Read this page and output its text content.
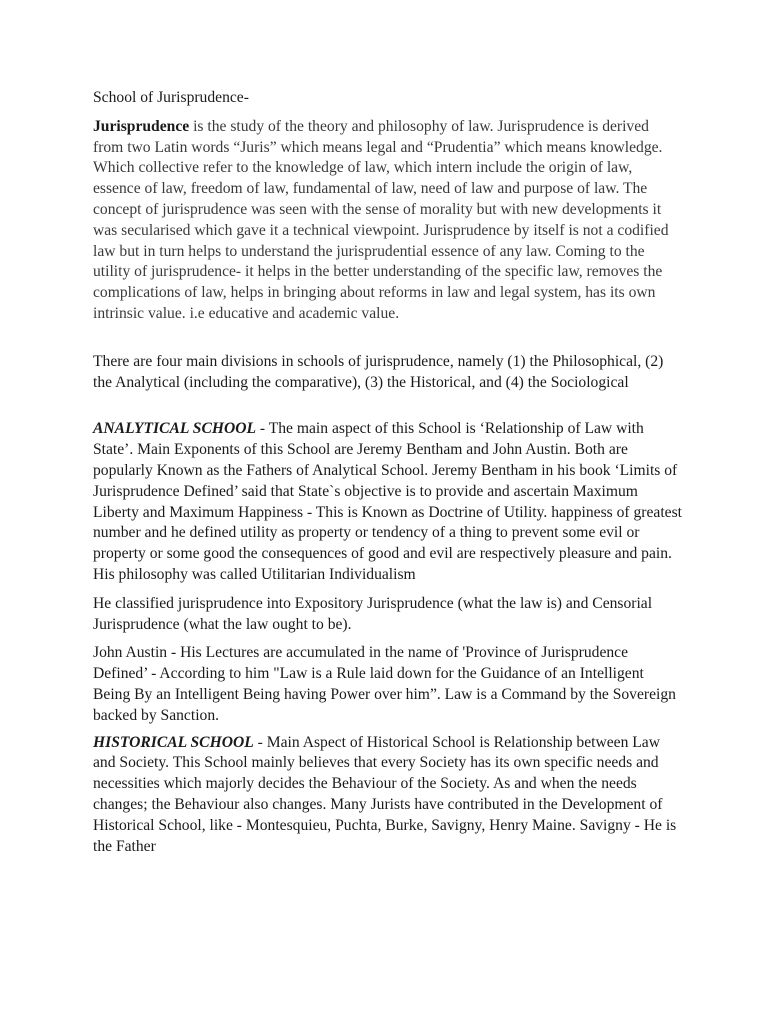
School of Jurisprudence-

Jurisprudence is the study of the theory and philosophy of law. Jurisprudence is derived from two Latin words “Juris” which means legal and “Prudentia” which means knowledge. Which collective refer to the knowledge of law, which intern include the origin of law, essence of law, freedom of law, fundamental of law, need of law and purpose of law. The concept of jurisprudence was seen with the sense of morality but with new developments it was secularised which gave it a technical viewpoint. Jurisprudence by itself is not a codified law but in turn helps to understand the jurisprudential essence of any law. Coming to the utility of jurisprudence- it helps in the better understanding of the specific law, removes the complications of law, helps in bringing about reforms in law and legal system, has its own intrinsic value. i.e educative and academic value.

There are four main divisions in schools of jurisprudence, namely (1) the Philosophical, (2) the Analytical (including the comparative), (3) the Historical, and (4) the Sociological

ANALYTICAL SCHOOL - The main aspect of this School is ‘Relationship of Law with State’. Main Exponents of this School are Jeremy Bentham and John Austin. Both are popularly Known as the Fathers of Analytical School. Jeremy Bentham in his book ‘Limits of Jurisprudence Defined’ said that State`s objective is to provide and ascertain Maximum Liberty and Maximum Happiness - This is Known as Doctrine of Utility. happiness of greatest number and he defined utility as property or tendency of a thing to prevent some evil or property or some good the consequences of good and evil are respectively pleasure and pain. His philosophy was called Utilitarian Individualism

He classified jurisprudence into Expository Jurisprudence (what the law is) and Censorial Jurisprudence (what the law ought to be).

John Austin - His Lectures are accumulated in the name of 'Province of Jurisprudence Defined’ - According to him "Law is a Rule laid down for the Guidance of an Intelligent Being By an Intelligent Being having Power over him”. Law is a Command by the Sovereign backed by Sanction.

HISTORICAL SCHOOL - Main Aspect of Historical School is Relationship between Law and Society. This School mainly believes that every Society has its own specific needs and necessities which majorly decides the Behaviour of the Society. As and when the needs changes; the Behaviour also changes. Many Jurists have contributed in the Development of Historical School, like - Montesquieu, Puchta, Burke, Savigny, Henry Maine. Savigny - He is the Father
